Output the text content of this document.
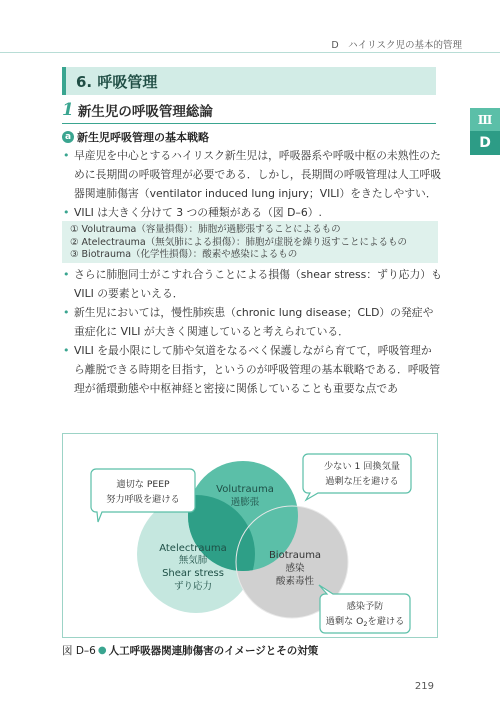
D　ハイリスク児の基本的管理
Ⅲ
D
6. 呼吸管理
1 新生児の呼吸管理総論
a 新生児呼吸管理の基本戦略
• 早産児を中心とするハイリスク新生児は，呼吸器系や呼吸中枢の未熟性のために長期間の呼吸管理が必要である．しかし，長期間の呼吸管理は人工呼吸器関連肺傷害（ventilator induced lung injury；VILI）をきたしやすい．
• VILI は大きく分けて 3 つの種類がある（図 D–6）.
① Volutrauma（容量損傷）：肺胞が過膨張することによるもの
② Atelectrauma（無気肺による損傷）：肺胞が虚脱を繰り返すことによるもの
③ Biotrauma（化学性損傷）：酸素や感染によるもの
• さらに肺胞同士がこすれ合うことによる損傷（shear stress：ずり応力）も VILI の要素といえる．
• 新生児においては，慢性肺疾患（chronic lung disease；CLD）の発症や重症化に VILI が大きく関連していると考えられている．
• VILI を最小限にして肺や気道をなるべく保護しながら育てて，呼吸管理から離脱できる時期を目指す，というのが呼吸管理の基本戦略である．呼吸管理が循環動態や中枢神経と密接に関係していることも重要な点であ
Volutrauma
過膨張
Atelectrauma
無気肺
Shear stress
ずり応力
Biotrauma
感染
酸素毒性
適切な PEEP
努力呼吸を避ける
少ない 1 回換気量
過剰な圧を避ける
感染予防
過剰な $O_2$を避ける
図 D–6 ● 人工呼吸器関連肺傷害のイメージとその対策
219
